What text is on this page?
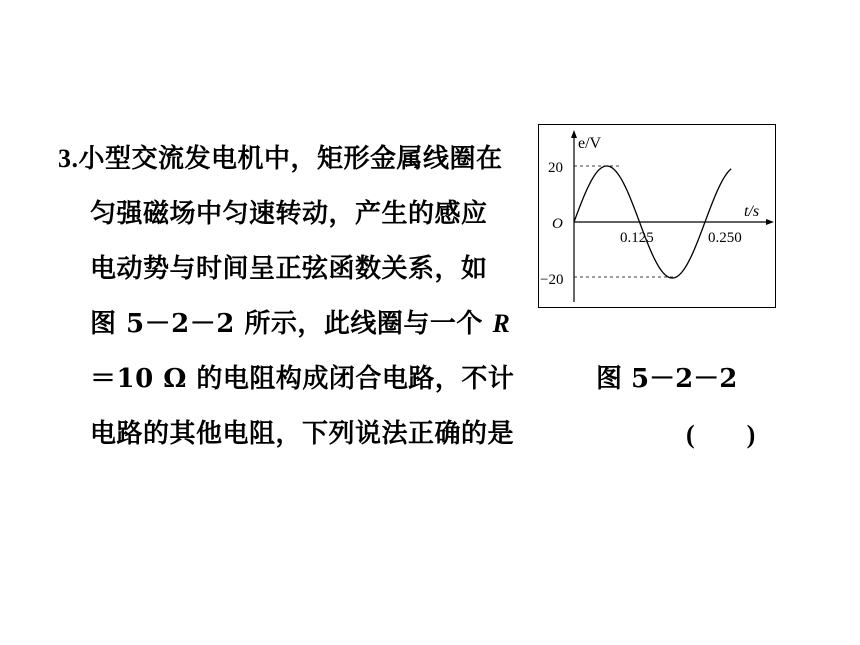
3.小型交流发电机中，矩形金属线圈在
匀强磁场中匀速转动，产生的感应
电动势与时间呈正弦函数关系，如
图 5－2－2 所示，此线圈与一个 R
＝10 Ω 的电阻构成闭合电路，不计
电路的其他电阻，下列说法正确的是
e/V
t/s
O
20
−20
0.125	0.250
图 5－2－2
(　　)
